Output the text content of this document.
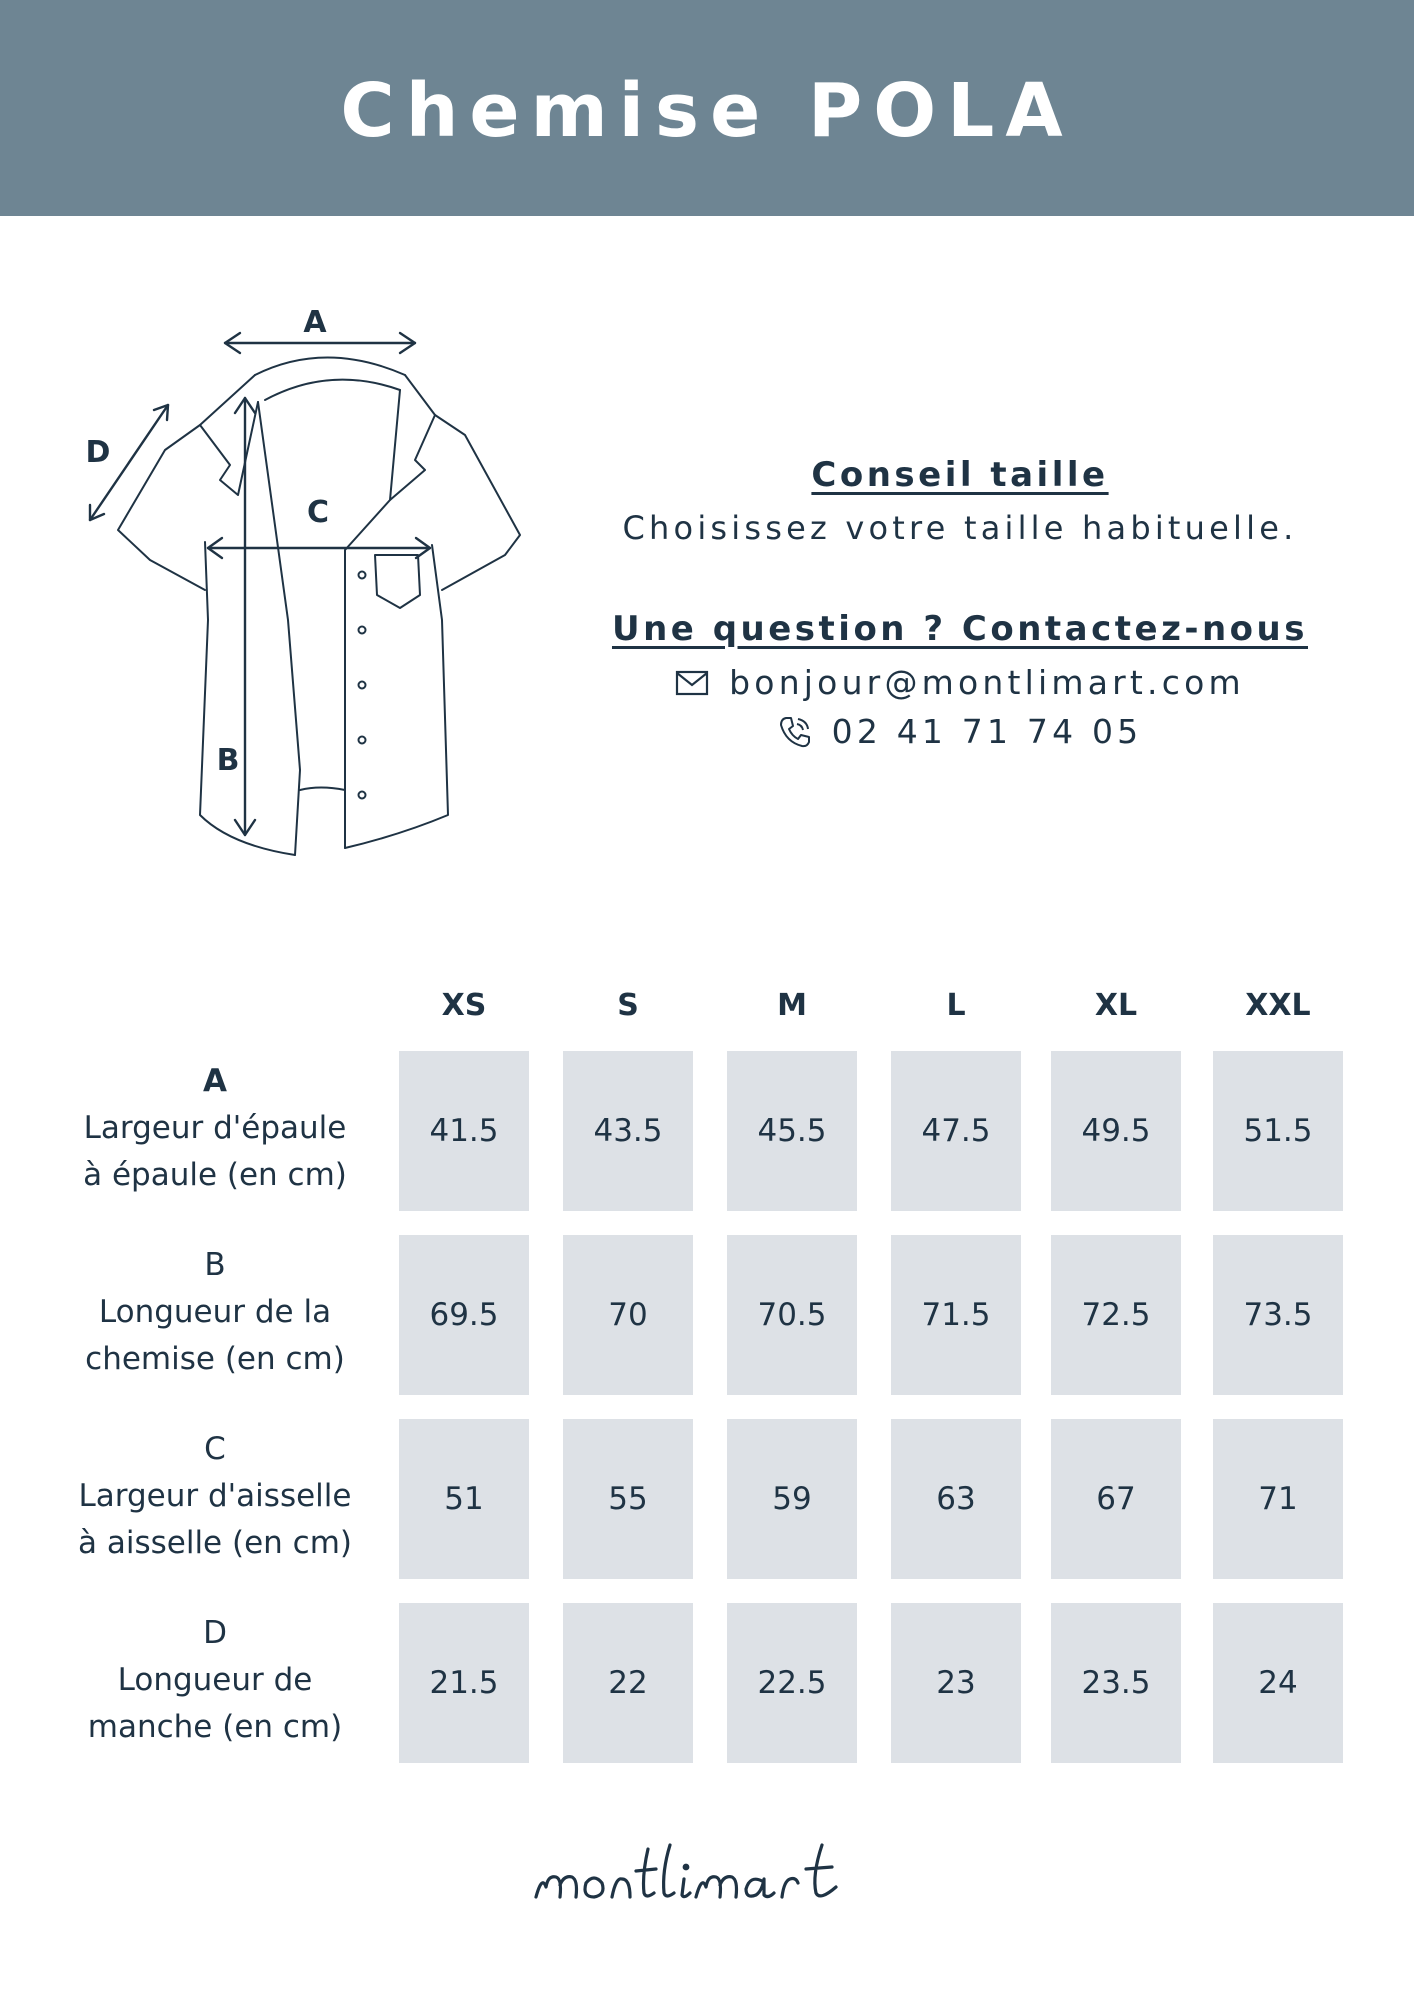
Chemise POLA
A
B
C
D
Conseil taille
Choisissez votre taille habituelle.
Une question ? Contactez-nous
bonjour@montlimart.com
02 41 71 74 05
XS	S	M	L	XL	XXL
A
Largeur d'épaule
à épaule (en cm)
41.5	43.5	45.5	47.5	49.5	51.5
B
Longueur de la
chemise (en cm)
69.5	70	70.5	71.5	72.5	73.5
C
Largeur d'aisselle
à aisselle (en cm)
51	55	59	63	67	71
D
Longueur de
manche (en cm)
21.5	22	22.5	23	23.5	24
